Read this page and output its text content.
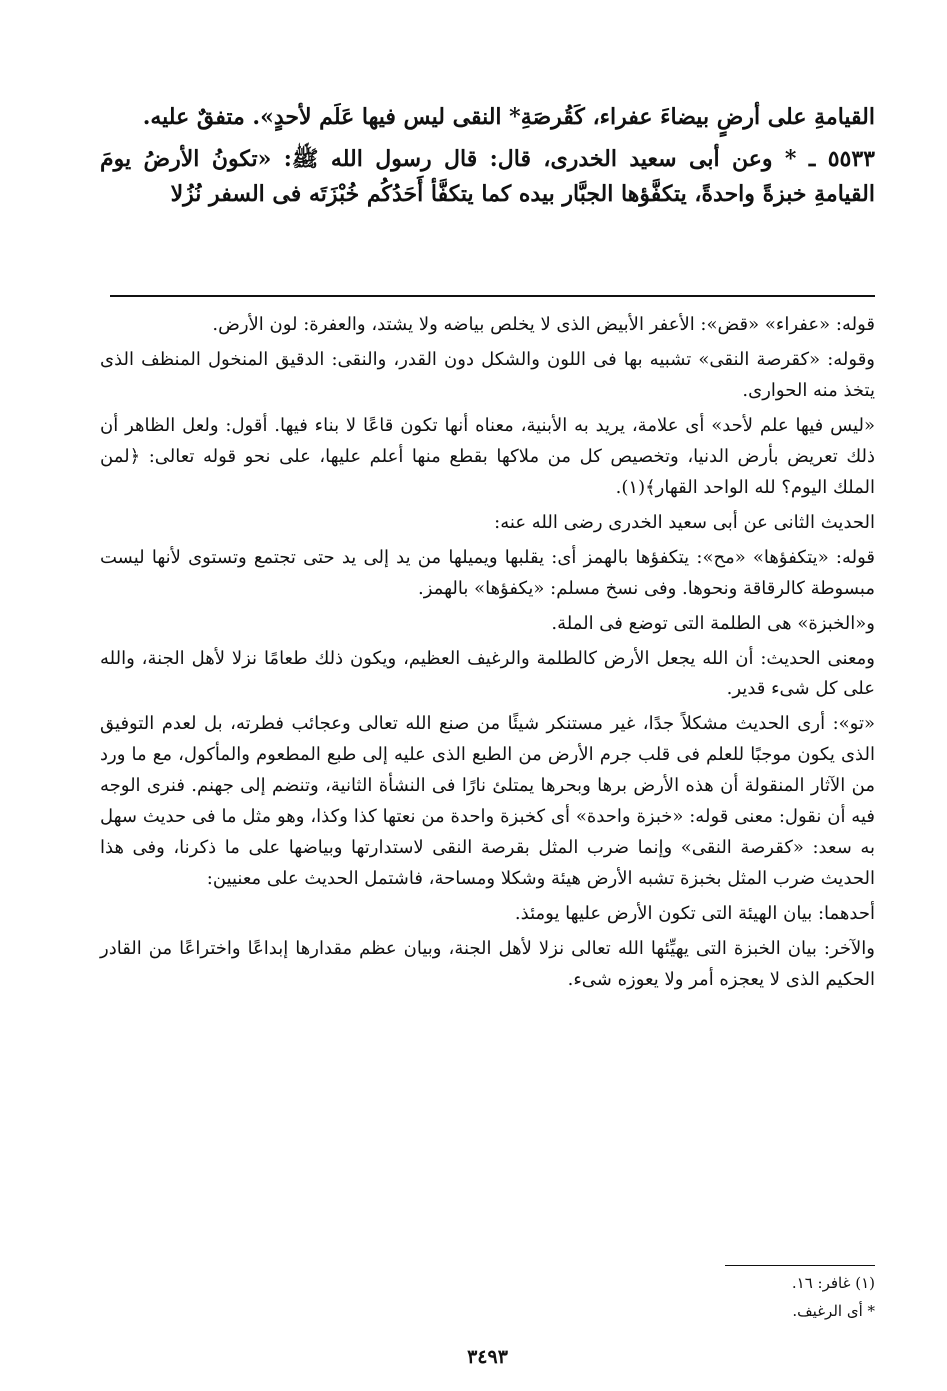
القيامةِ على أرضٍ بيضاءَ عفراء، كَقُرصَةِ* النقى ليس فيها عَلَم لأحدٍ». متفقٌ عليه.

٥٥٣٣ ـ * وعن أبى سعيد الخدرى، قال: قال رسول الله ﷺ: «تكونُ الأرضُ يومَ القيامةِ خبزةً واحدةً، يتكفَّؤها الجبَّار بيده كما يتكفَّأ أَحَدُكُم خُبْزَتَه فى السفر نُزُلا

قوله: «عفراء» «قض»: الأعفر الأبيض الذى لا يخلص بياضه ولا يشتد، والعفرة: لون الأرض.

وقوله: «كقرصة النقى» تشبيه بها فى اللون والشكل دون القدر، والنقى: الدقيق المنخول المنظف الذى يتخذ منه الحوارى.

«ليس فيها علم لأحد» أى علامة، يريد به الأبنية، معناه أنها تكون قاعًا لا بناء فيها. أقول: ولعل الظاهر أن ذلك تعريض بأرض الدنيا، وتخصيص كل من ملاكها بقطع منها أعلم عليها، على نحو قوله تعالى: ﴿لمن الملك اليوم؟ لله الواحد القهار﴾(١).

الحديث الثانى عن أبى سعيد الخدرى رضى الله عنه:

قوله: «يتكفؤها» «مح»: يتكفؤها بالهمز أى: يقلبها ويميلها من يد إلى يد حتى تجتمع وتستوى لأنها ليست مبسوطة كالرقاقة ونحوها. وفى نسخ مسلم: «يكفؤها» بالهمز.

و«الخبزة» هى الطلمة التى توضع فى الملة.

ومعنى الحديث: أن الله يجعل الأرض كالطلمة والرغيف العظيم، ويكون ذلك طعامًا نزلا لأهل الجنة، والله على كل شىء قدير.

«تو»: أرى الحديث مشكلاً جدًا، غير مستنكر شيئًا من صنع الله تعالى وعجائب فطرته، بل لعدم التوفيق الذى يكون موجبًا للعلم فى قلب جرم الأرض من الطبع الذى عليه إلى طبع المطعوم والمأكول، مع ما ورد من الآثار المنقولة أن هذه الأرض برها وبحرها يمتلئ نارًا فى النشأة الثانية، وتنضم إلى جهنم. فنرى الوجه فيه أن نقول: معنى قوله: «خبزة واحدة» أى كخبزة واحدة من نعتها كذا وكذا، وهو مثل ما فى حديث سهل به سعد: «كقرصة النقى» وإنما ضرب المثل بقرصة النقى لاستدارتها وبياضها على ما ذكرنا، وفى هذا الحديث ضرب المثل بخبزة تشبه الأرض هيئة وشكلا ومساحة، فاشتمل الحديث على معنيين:

أحدهما: بيان الهيئة التى تكون الأرض عليها يومئذ.

والآخر: بيان الخبزة التى يهيِّئها الله تعالى نزلا لأهل الجنة، وبيان عظم مقدارها إبداعًا واختراعًا من القادر الحكيم الذى لا يعجزه أمر ولا يعوزه شىء.

(١) غافر: ١٦.

* أى الرغيف.

٣٤٩٣
